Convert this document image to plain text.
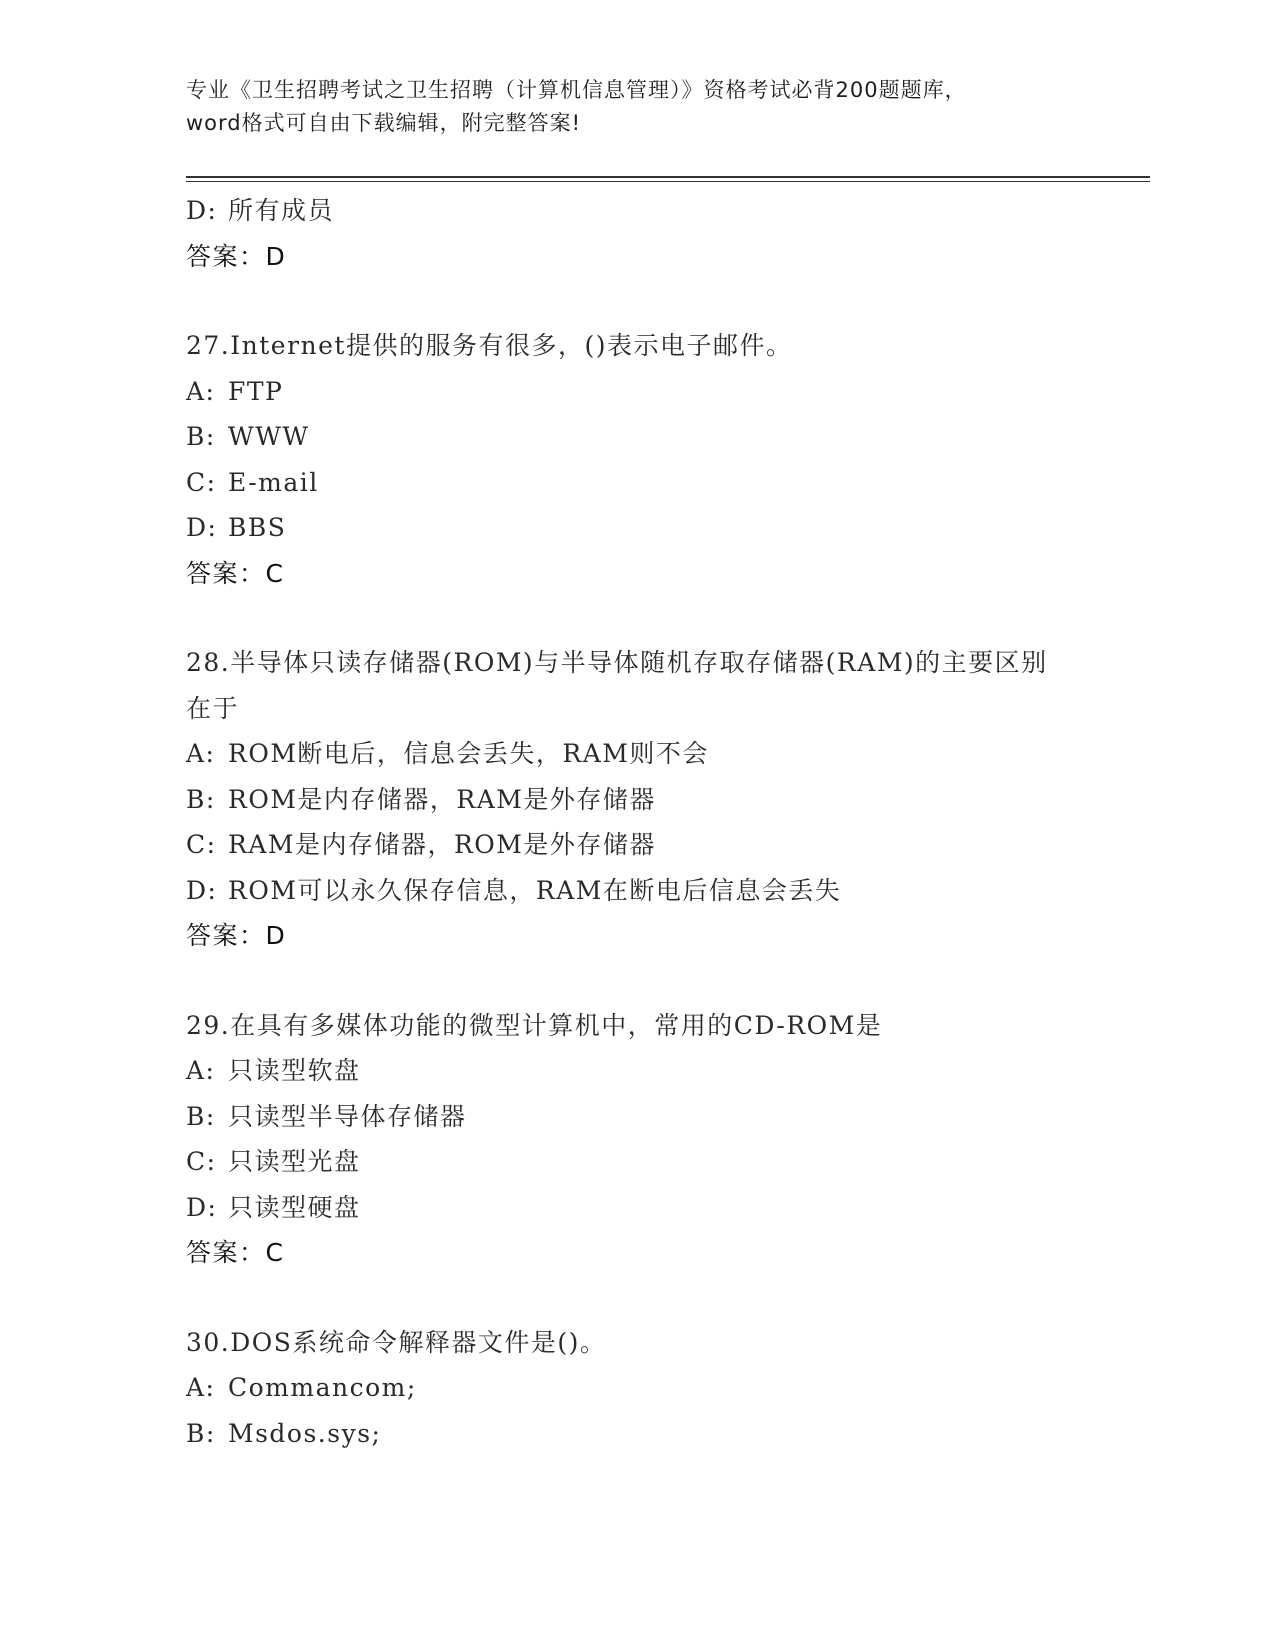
专业《卫生招聘考试之卫生招聘（计算机信息管理）》资格考试必背200题题库，
word格式可自由下载编辑，附完整答案!
D: 所有成员
答案：D
27.Internet提供的服务有很多，()表示电子邮件。
A: FTP
B: WWW
C: E-mail
D: BBS
答案：C
28.半导体只读存储器(ROM)与半导体随机存取存储器(RAM)的主要区别
在于
A: ROM断电后，信息会丢失，RAM则不会
B: ROM是内存储器，RAM是外存储器
C: RAM是内存储器，ROM是外存储器
D: ROM可以永久保存信息，RAM在断电后信息会丢失
答案：D
29.在具有多媒体功能的微型计算机中，常用的CD-ROM是
A: 只读型软盘
B: 只读型半导体存储器
C: 只读型光盘
D: 只读型硬盘
答案：C
30.DOS系统命令解释器文件是()。
A: Commancom;
B: Msdos.sys;
